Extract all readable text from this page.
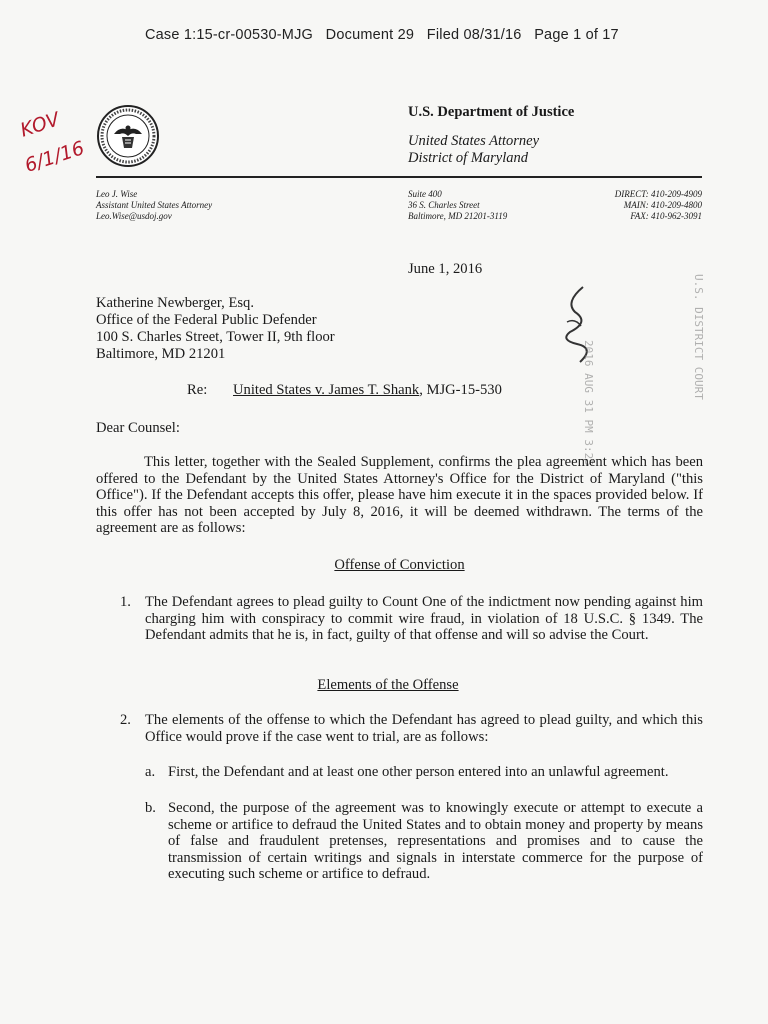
Case 1:15-cr-00530-MJG   Document 29   Filed 08/31/16   Page 1 of 17
KOV
6/1/16
U.S. Department of Justice
United States Attorney
District of Maryland
Leo J. Wise
Assistant United States Attorney
Leo.Wise@usdoj.gov
Suite 400
36 S. Charles Street
Baltimore, MD 21201-3119
DIRECT: 410-209-4909
MAIN: 410-209-4800
FAX: 410-962-3091
June 1, 2016
Katherine Newberger, Esq.
Office of the Federal Public Defender
100 S. Charles Street, Tower II, 9th floor
Baltimore, MD 21201	2016 AUG 31 PM 3:25
U.S. DISTRICT COURT
Re: United States v. James T. Shank, MJG-15-530
Dear Counsel:
This letter, together with the Sealed Supplement, confirms the plea agreement which has been offered to the Defendant by the United States Attorney's Office for the District of Maryland ("this Office"). If the Defendant accepts this offer, please have him execute it in the spaces provided below. If this offer has not been accepted by July 8, 2016, it will be deemed withdrawn. The terms of the agreement are as follows:
Offense of Conviction
1. The Defendant agrees to plead guilty to Count One of the indictment now pending against him charging him with conspiracy to commit wire fraud, in violation of 18 U.S.C. § 1349. The Defendant admits that he is, in fact, guilty of that offense and will so advise the Court.
Elements of the Offense
2. The elements of the offense to which the Defendant has agreed to plead guilty, and which this Office would prove if the case went to trial, are as follows:
a. First, the Defendant and at least one other person entered into an unlawful agreement.
b. Second, the purpose of the agreement was to knowingly execute or attempt to execute a scheme or artifice to defraud the United States and to obtain money and property by means of false and fraudulent pretenses, representations and promises and to cause the transmission of certain writings and signals in interstate commerce for the purpose of executing such scheme or artifice to defraud.
